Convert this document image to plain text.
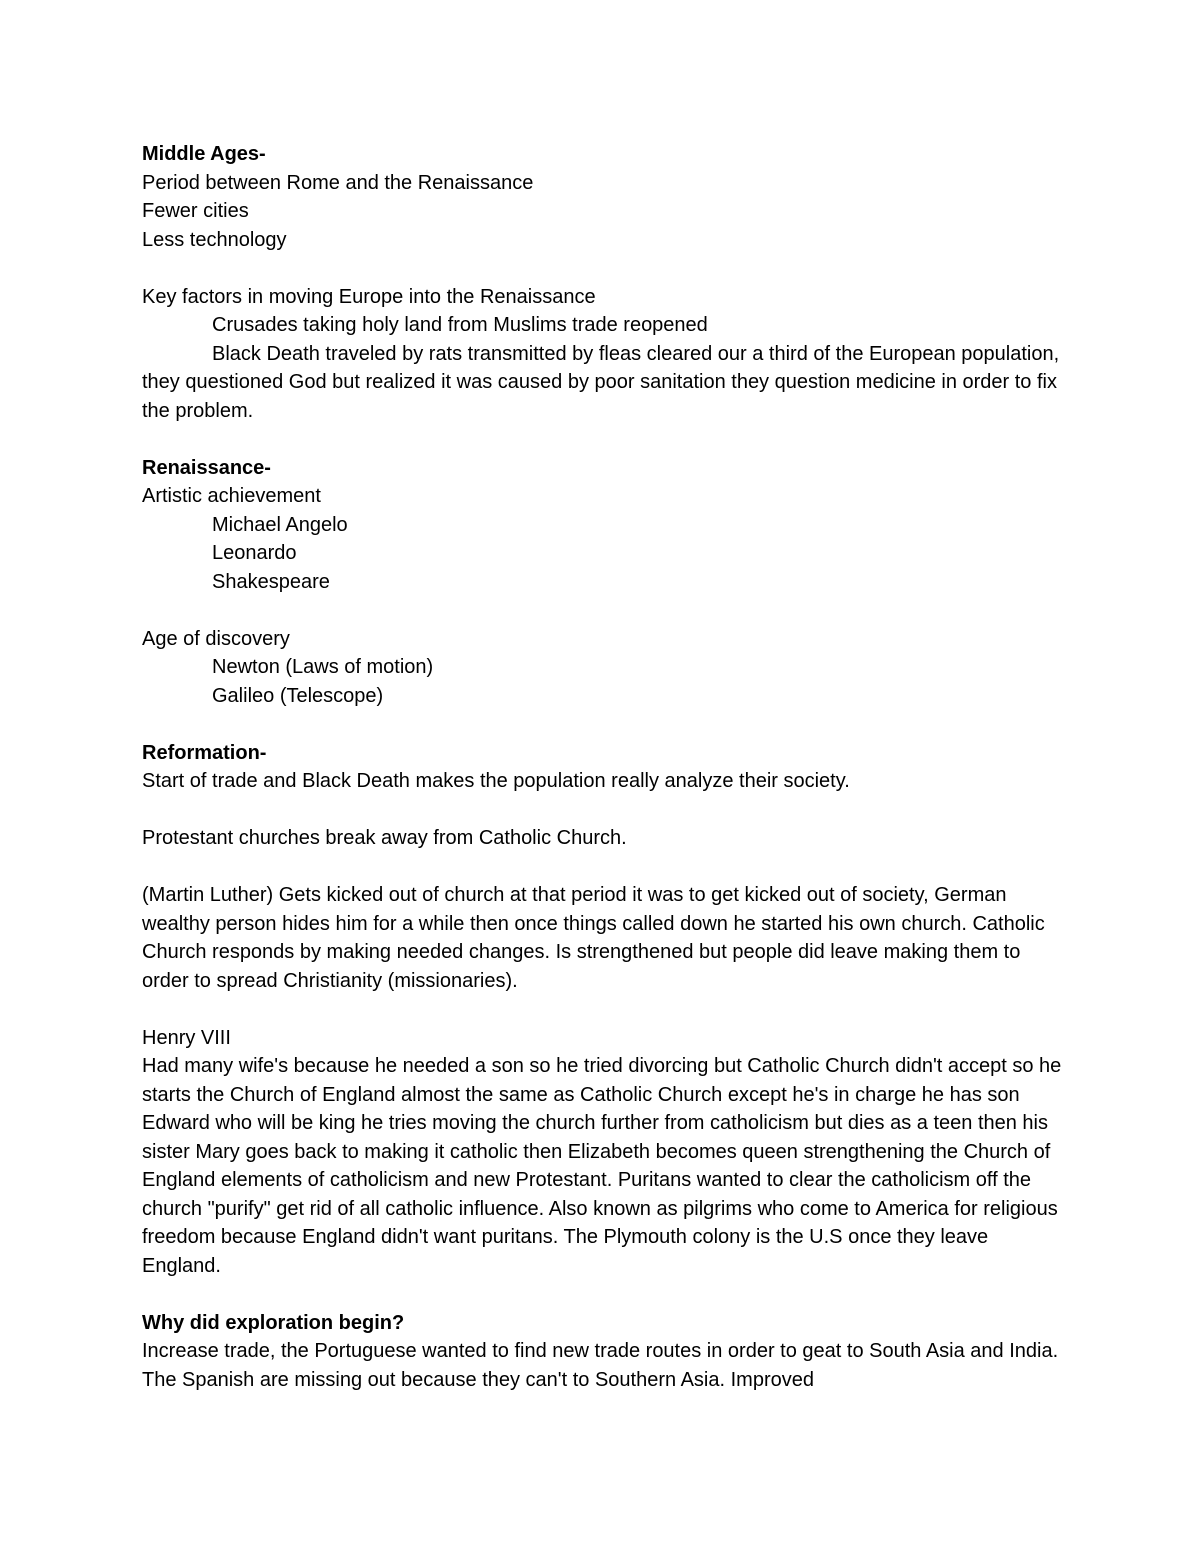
Middle Ages-
Period between Rome and the Renaissance
Fewer cities
Less technology
Key factors in moving Europe into the Renaissance
Crusades taking holy land from Muslims trade reopened

Black Death traveled by rats transmitted by fleas cleared our a third of the European population, they questioned God but realized it was caused by poor sanitation they question medicine in order to fix the problem.

Renaissance-
Artistic achievement
Michael Angelo
Leonardo
Shakespeare
Age of discovery
Newton (Laws of motion)
Galileo (Telescope)
Reformation-

Start of trade and Black Death makes the population really analyze their society.

Protestant churches break away from Catholic Church.

(Martin Luther) Gets kicked out of church at that period it was to get kicked out of society, German wealthy person hides him for a while then once things called down he started his own church. Catholic Church responds by making needed changes. Is strengthened but people did leave making them to order to spread Christianity (missionaries).

Henry VIII

Had many wife's because he needed a son so he tried divorcing but Catholic Church didn't accept so he starts the Church of England almost the same as Catholic Church except he's in charge he has son Edward who will be king he tries moving the church further from catholicism but dies as a teen then his sister Mary goes back to making it catholic then Elizabeth becomes queen strengthening the Church of England elements of catholicism and new Protestant. Puritans wanted to clear the catholicism off the church "purify" get rid of all catholic influence. Also known as pilgrims who come to America for religious freedom because England didn't want puritans. The Plymouth colony is the U.S once they leave England.

Why did exploration begin?

Increase trade, the Portuguese wanted to find new trade routes in order to geat to South Asia and India. The Spanish are missing out because they can't to Southern Asia. Improved
